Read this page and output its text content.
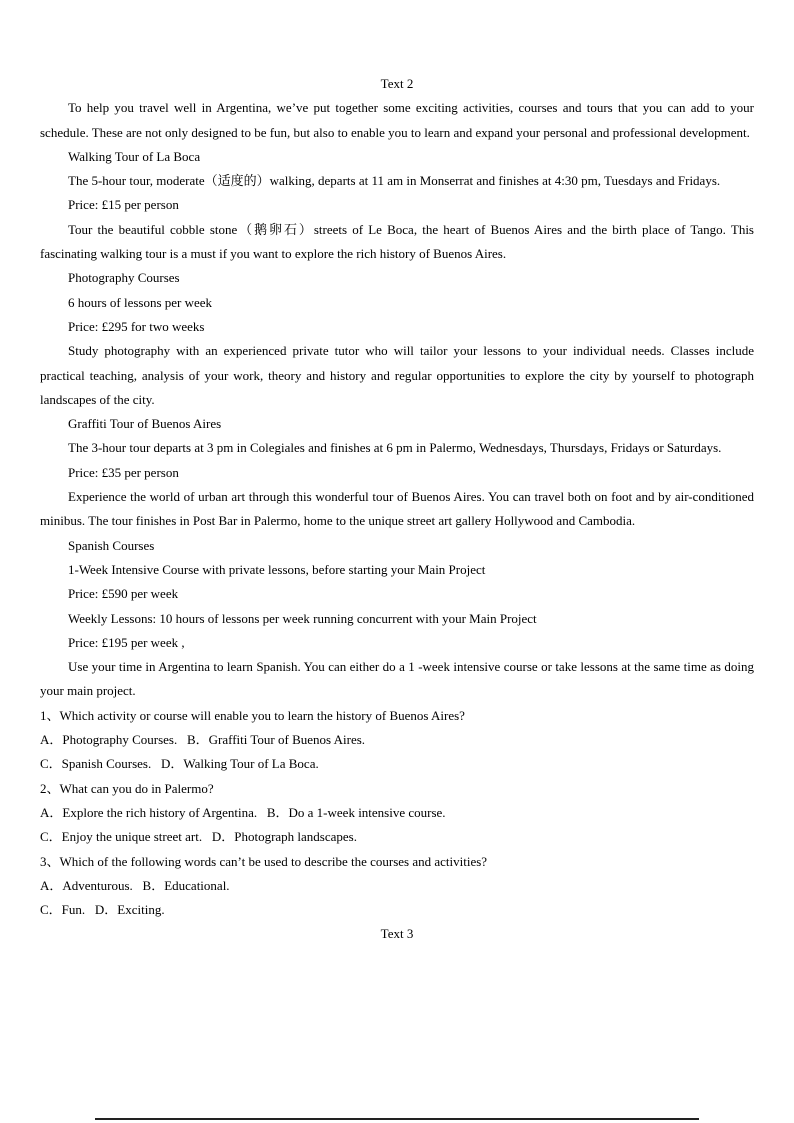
Text 2

To help you travel well in Argentina, we’ve put together some exciting activities, courses and tours that you can add to your schedule. These are not only designed to be fun, but also to enable you to learn and expand your personal and professional development.

Walking Tour of La Boca

The 5-hour tour, moderate（适度的）walking, departs at 11 am in Monserrat and finishes at 4:30 pm, Tuesdays and Fridays.

Price: £15 per person

Tour the beautiful cobble stone（鹅卵石）streets of Le Boca, the heart of Buenos Aires and the birth place of Tango. This fascinating walking tour is a must if you want to explore the rich history of Buenos Aires.

Photography Courses

6 hours of lessons per week

Price: £295 for two weeks

Study photography with an experienced private tutor who will tailor your lessons to your individual needs. Classes include practical teaching, analysis of your work, theory and history and regular opportunities to explore the city by yourself to photograph landscapes of the city.

Graffiti Tour of Buenos Aires

The 3-hour tour departs at 3 pm in Colegiales and finishes at 6 pm in Palermo, Wednesdays, Thursdays, Fridays or Saturdays.

Price: £35 per person

Experience the world of urban art through this wonderful tour of Buenos Aires. You can travel both on foot and by air-conditioned minibus. The tour finishes in Post Bar in Palermo, home to the unique street art gallery Hollywood and Cambodia.

Spanish Courses

1-Week Intensive Course with private lessons, before starting your Main Project

Price: £590 per week

Weekly Lessons: 10 hours of lessons per week running concurrent with your Main Project

Price: £195 per week ,

Use your time in Argentina to learn Spanish. You can either do a 1 -week intensive course or take lessons at the same time as doing your main project.

1、Which activity or course will enable you to learn the history of Buenos Aires?

A．Photography Courses.   B．Graffiti Tour of Buenos Aires.

C．Spanish Courses.   D．Walking Tour of La Boca.

2、What can you do in Palermo?

A．Explore the rich history of Argentina.   B．Do a 1-week intensive course.

C．Enjoy the unique street art.   D．Photograph landscapes.

3、Which of the following words can’t be used to describe the courses and activities?

A．Adventurous.   B．Educational.

C．Fun.   D．Exciting.

Text 3
